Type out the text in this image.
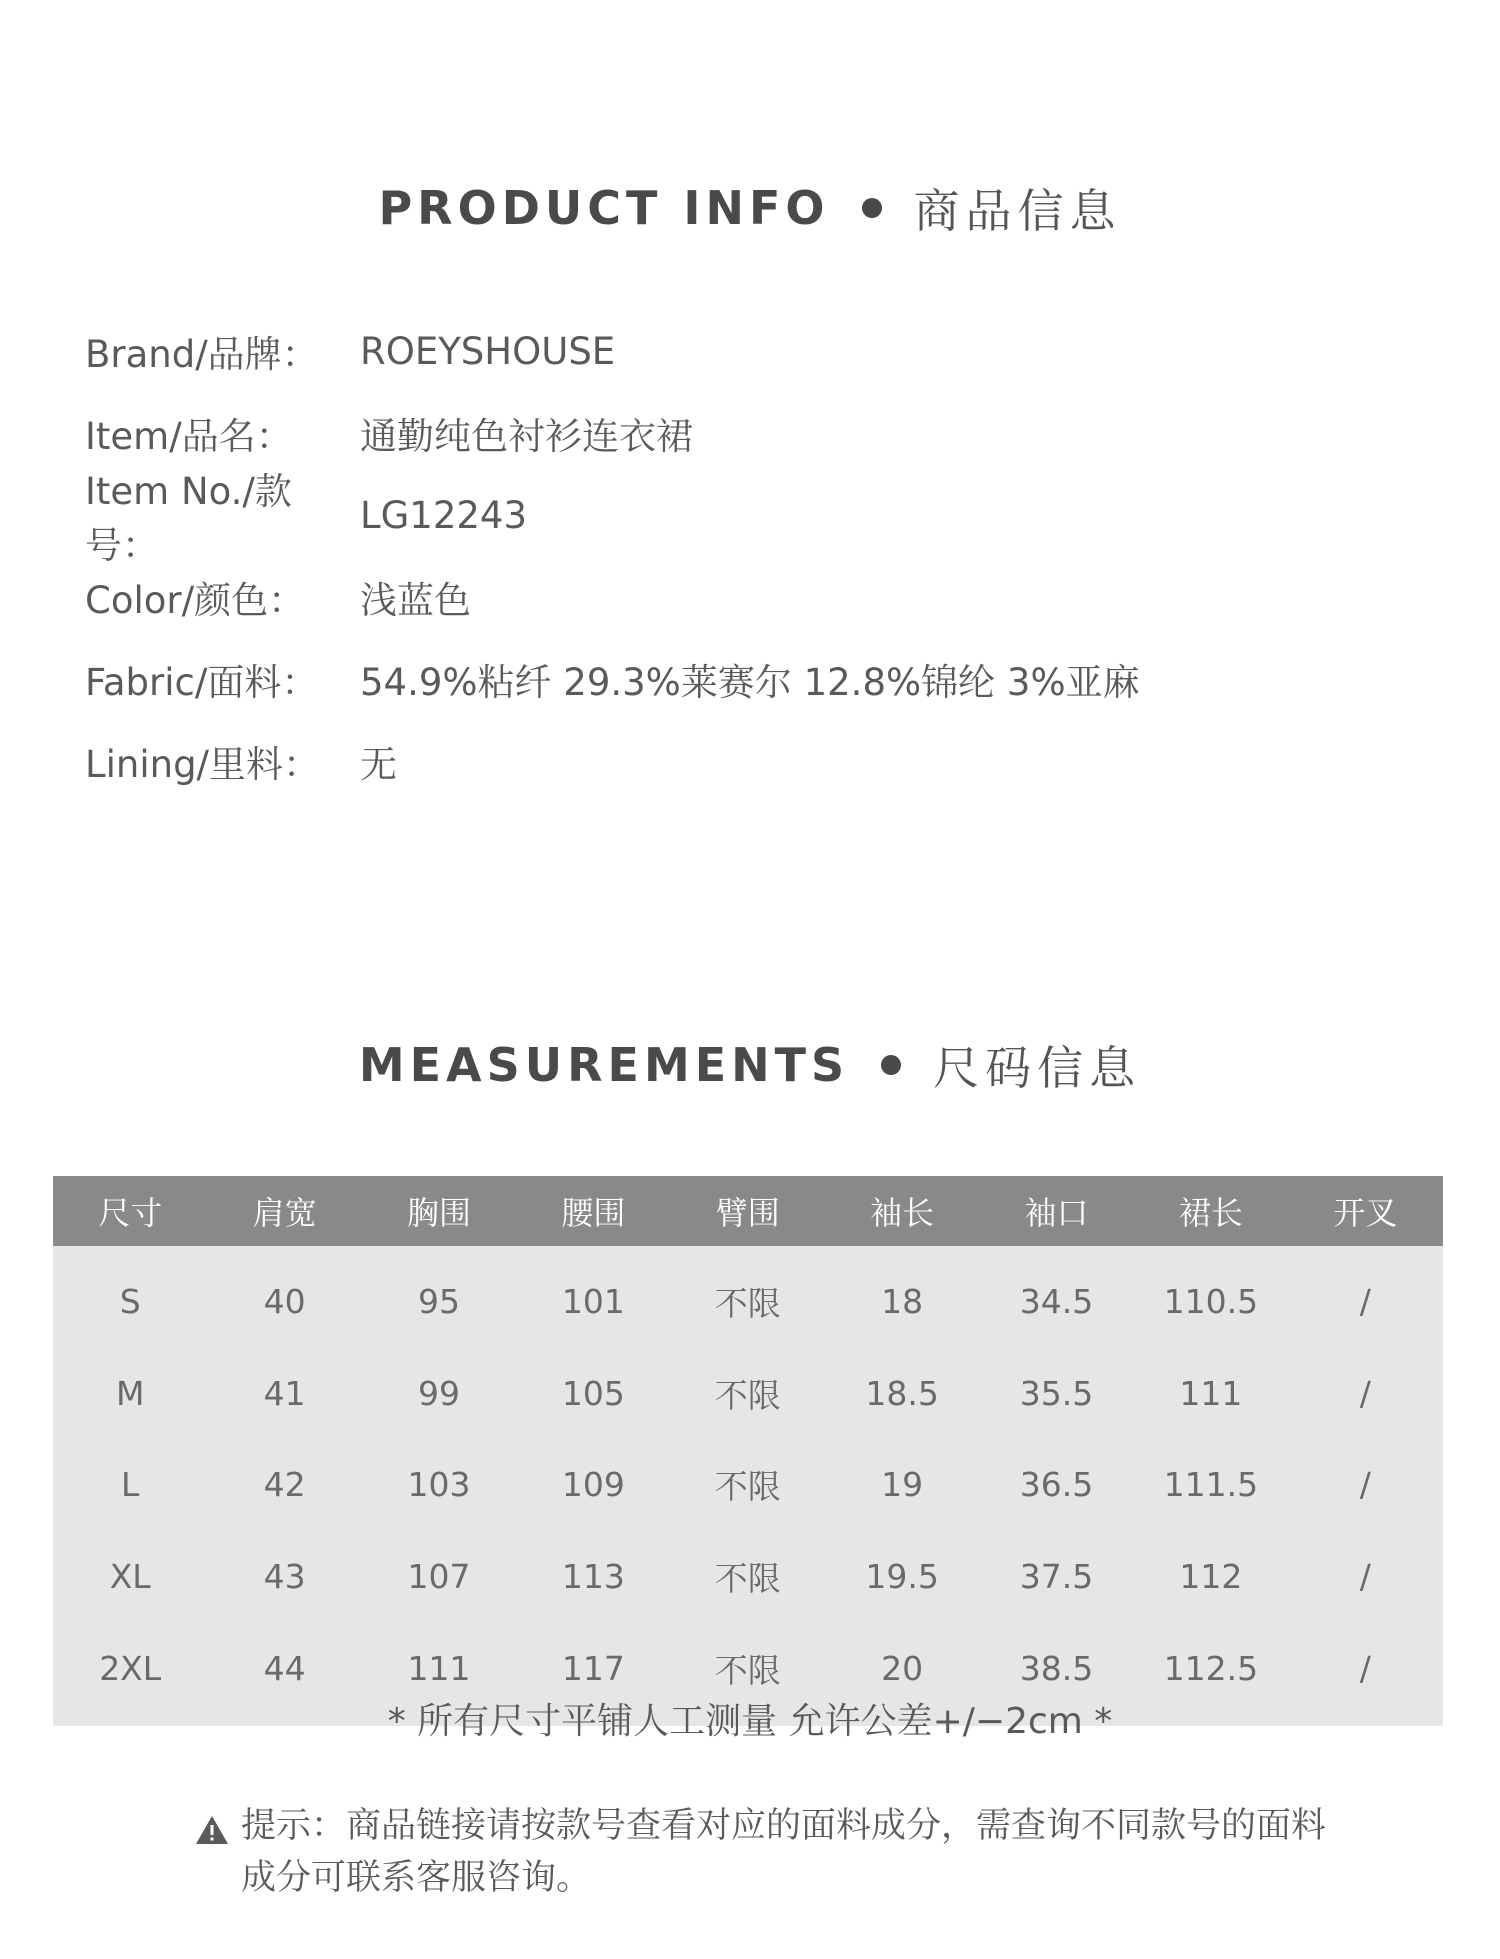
PRODUCT INFO 商品信息
Brand/品牌：	ROEYSHOUSE
Item/品名：	通勤纯色衬衫连衣裙
Item No./款号：
LG12243
Color/颜色：	浅蓝色
Fabric/面料：	54.9%粘纤 29.3%莱赛尔 12.8%锦纶 3%亚麻
Lining/里料：	无
MEASUREMENTS 尺码信息
尺寸	肩宽	胸围	腰围	臂围	袖长	袖口	裙长	开叉
S	40	95	101	不限	18	34.5	110.5	/
M	41	99	105	不限	18.5	35.5	111	/
L	42	103	109	不限	19	36.5	111.5	/
XL	43	107	113	不限	19.5	37.5	112	/
2XL	44	111	117	不限	20	38.5	112.5	/
* 所有尺寸平铺人工测量 允许公差+/−2cm *
提示：商品链接请按款号查看对应的面料成分，需查询不同款号的面料成分可联系客服咨询。
